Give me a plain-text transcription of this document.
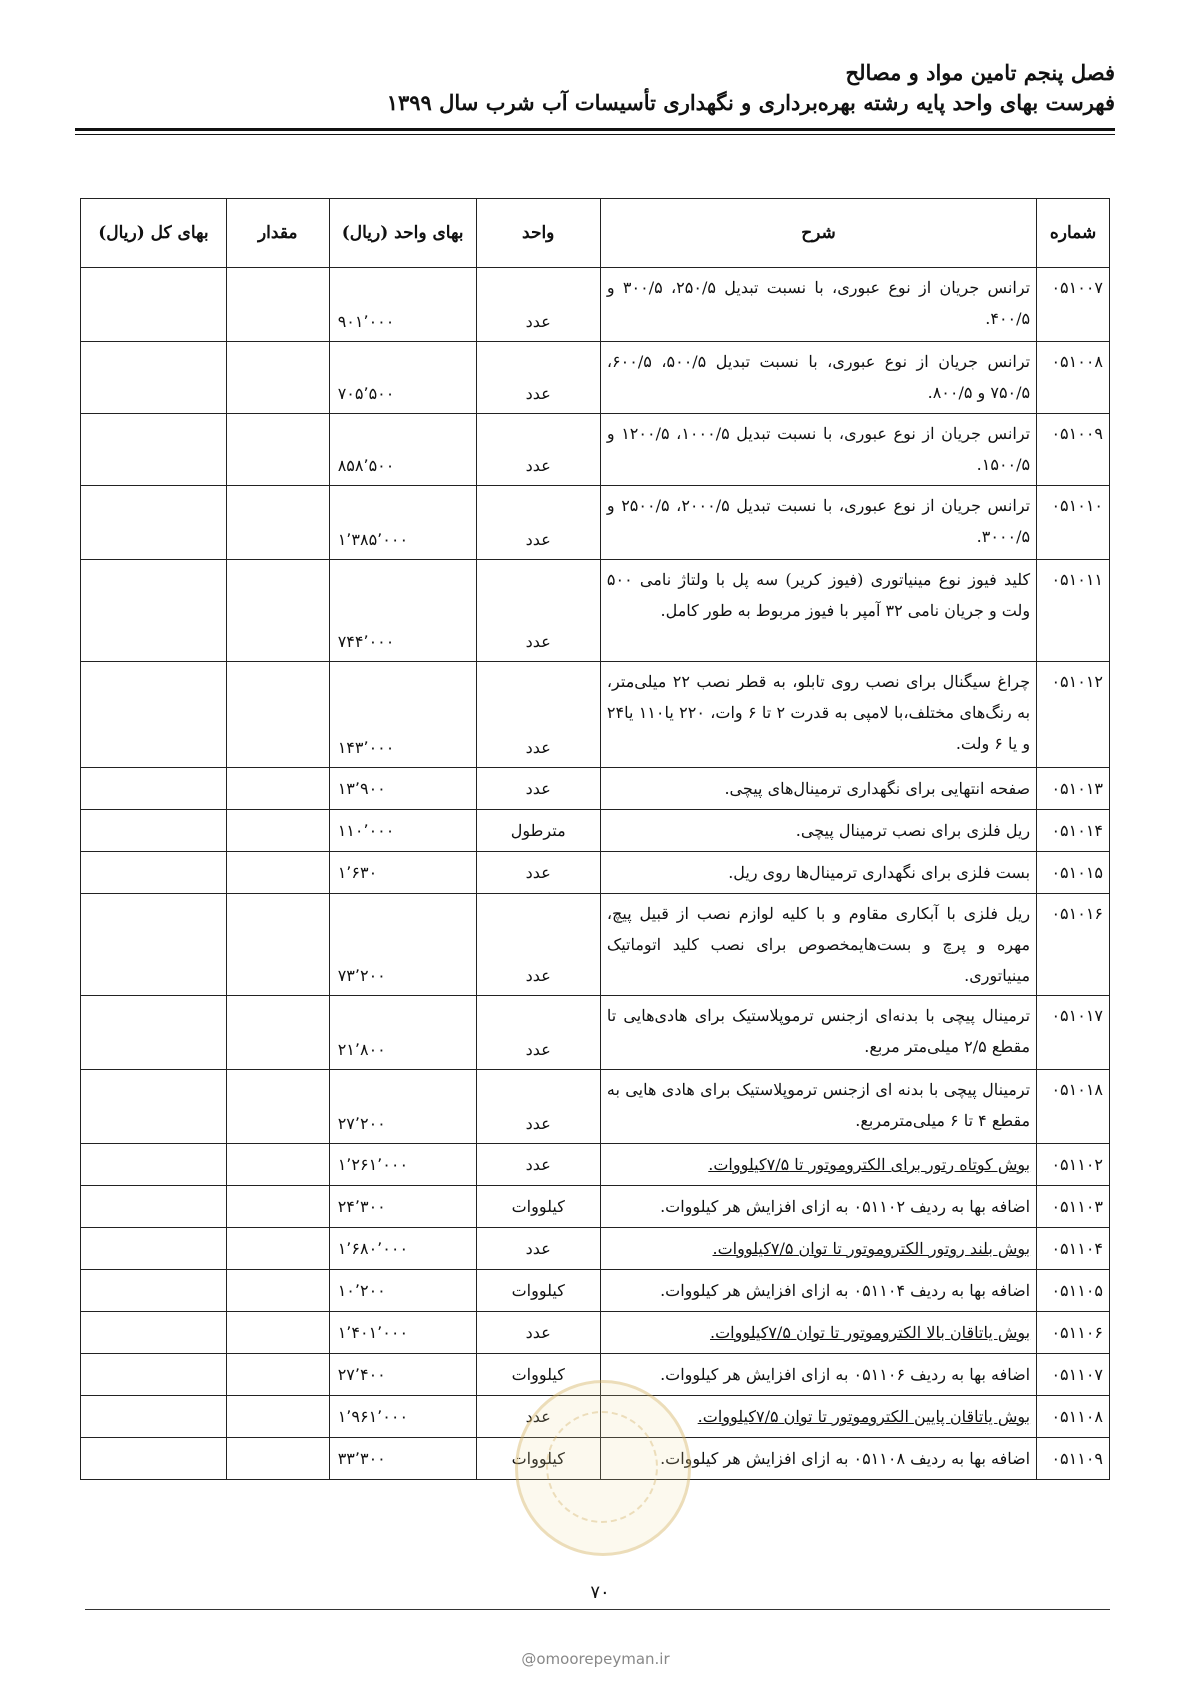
فصل پنجم تامین مواد و مصالح
فهرست بهای واحد پایه رشته بهره‌برداری و نگهداری تأسیسات آب شرب سال ۱۳۹۹
شماره	شرح	واحد	بهای واحد (ریال)	مقدار	بهای کل (ریال)
۰۵۱۰۰۷	ترانس جریان از نوع عبوری، با نسبت تبدیل ۲۵۰/۵، ۳۰۰/۵ و ۴۰۰/۵.	عدد	۹۰۱٬۰۰۰		
۰۵۱۰۰۸	ترانس جریان از نوع عبوری، با نسبت تبدیل ۵۰۰/۵، ۶۰۰/۵، ۷۵۰/۵ و ۸۰۰/۵.	عدد	۷۰۵٬۵۰۰		
۰۵۱۰۰۹	ترانس جریان از نوع عبوری، با نسبت تبدیل ۱۰۰۰/۵، ۱۲۰۰/۵ و ۱۵۰۰/۵.	عدد	۸۵۸٬۵۰۰		
۰۵۱۰۱۰	ترانس جریان از نوع عبوری، با نسبت تبدیل ۲۰۰۰/۵، ۲۵۰۰/۵ و ۳۰۰۰/۵.	عدد	۱٬۳۸۵٬۰۰۰		
۰۵۱۰۱۱	کلید فیوز نوع مینیاتوری (فیوز کریر) سه پل با ولتاژ نامی ۵۰۰ ولت و جریان نامی ۳۲ آمپر با فیوز مربوط به طور کامل.	عدد	۷۴۴٬۰۰۰		
۰۵۱۰۱۲	چراغ سیگنال برای نصب روی تابلو، به قطر نصب ۲۲ میلی‌متر، به رنگ‌های مختلف،با لامپی به قدرت ۲ تا ۶ وات، ۲۲۰ یا۱۱۰ یا۲۴ و یا ۶ ولت.	عدد	۱۴۳٬۰۰۰		
۰۵۱۰۱۳	صفحه انتهایی برای نگهداری ترمینال‌های پیچی.	عدد	۱۳٬۹۰۰		
۰۵۱۰۱۴	ریل فلزی برای نصب ترمینال پیچی.	مترطول	۱۱۰٬۰۰۰		
۰۵۱۰۱۵	بست فلزی برای نگهداری ترمینال‌ها روی ریل.	عدد	۱٬۶۳۰		
۰۵۱۰۱۶	ریل فلزی با آبکاری مقاوم و با کلیه لوازم نصب از قبیل پیچ، مهره و پرچ و بست‌هایمخصوص برای نصب کلید اتوماتیک مینیاتوری.	عدد	۷۳٬۲۰۰		
۰۵۱۰۱۷	ترمینال پیچی با بدنه‌ای ازجنس ترموپلاستیک برای هادی‌هایی تا مقطع ۲/۵ میلی‌متر مربع.	عدد	۲۱٬۸۰۰		
۰۵۱۰۱۸	ترمینال پیچی با بدنه ای ازجنس ترموپلاستیک برای هادی هایی به مقطع ۴ تا ۶ میلی‌مترمربع.	عدد	۲۷٬۲۰۰		
۰۵۱۱۰۲	بوش کوتاه رتور برای الکتروموتور تا ۷/۵کیلووات.	عدد	۱٬۲۶۱٬۰۰۰		
۰۵۱۱۰۳	اضافه بها به ردیف ۰۵۱۱۰۲ به ازای افزایش هر کیلووات.	کیلووات	۲۴٬۳۰۰		
۰۵۱۱۰۴	بوش بلند روتور الکتروموتور تا توان ۷/۵کیلووات.	عدد	۱٬۶۸۰٬۰۰۰		
۰۵۱۱۰۵	اضافه بها به ردیف ۰۵۱۱۰۴ به ازای افزایش هر کیلووات.	کیلووات	۱۰٬۲۰۰		
۰۵۱۱۰۶	بوش یاتاقان بالا الکتروموتور تا توان ۷/۵کیلووات.	عدد	۱٬۴۰۱٬۰۰۰		
۰۵۱۱۰۷	اضافه بها به ردیف ۰۵۱۱۰۶ به ازای افزایش هر کیلووات.	کیلووات	۲۷٬۴۰۰		
۰۵۱۱۰۸	بوش یاتاقان پایین الکتروموتور تا توان ۷/۵کیلووات.	عدد	۱٬۹۶۱٬۰۰۰		
۰۵۱۱۰۹	اضافه بها به ردیف ۰۵۱۱۰۸ به ازای افزایش هر کیلووات.	کیلووات	۳۳٬۳۰۰		
۷۰
@omoorepeyman.ir
